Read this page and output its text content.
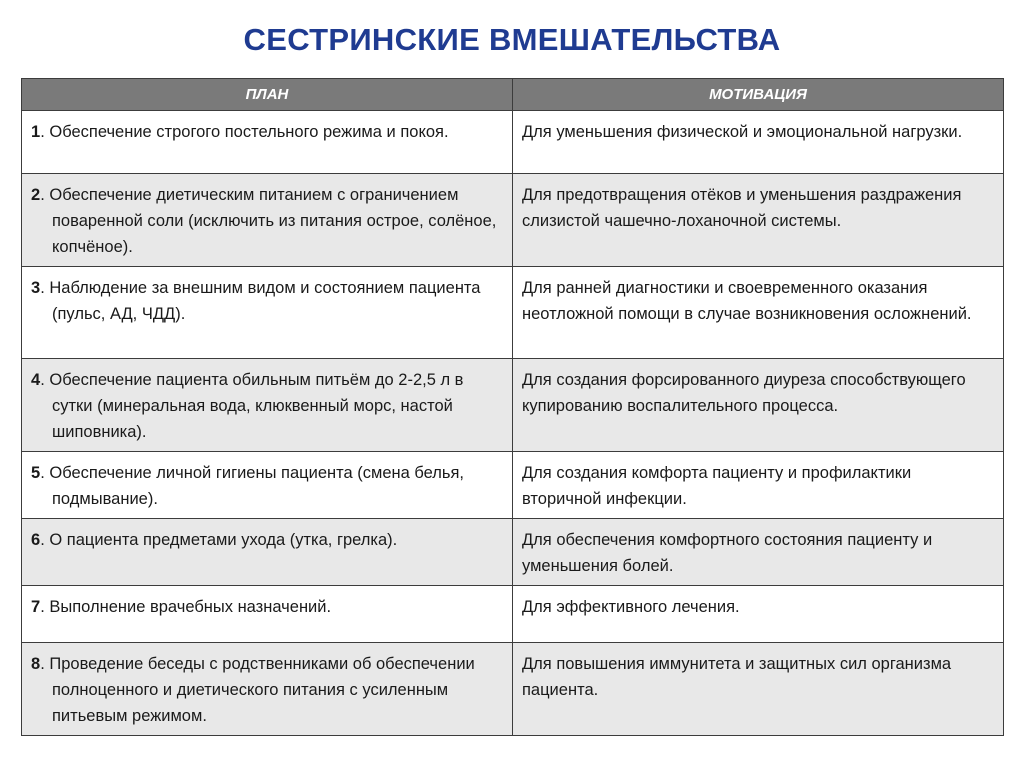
СЕСТРИНСКИЕ ВМЕШАТЕЛЬСТВА
ПЛАН	МОТИВАЦИЯ
1. Обеспечение строгого постельного режима и покоя.	Для уменьшения физической и эмоциональной нагрузки.
2. Обеспечение диетическим питанием с ограничением поваренной соли (исключить из питания острое, солёное, копчёное).	Для предотвращения отёков и уменьшения раздражения слизистой чашечно-лоханочной системы.
3. Наблюдение за внешним видом и состоянием пациента (пульс, АД, ЧДД).	Для ранней диагностики и своевременного оказания неотложной помощи в случае возникновения осложнений.
4. Обеспечение пациента обильным питьём до 2-2,5 л в сутки (минеральная вода, клюквенный морс, настой шиповника).	Для создания форсированного диуреза способствующего купированию воспалительного процесса.
5. Обеспечение личной гигиены пациента (смена белья, подмывание).	Для создания комфорта пациенту и профилактики вторичной инфекции.
6. О пациента предметами ухода (утка, грелка).	Для обеспечения комфортного состояния пациенту и уменьшения болей.
7. Выполнение врачебных назначений.	Для эффективного лечения.
8. Проведение беседы с родственниками об обеспечении полноценного и диетического питания с усиленным питьевым режимом.	Для повышения иммунитета и защитных сил организма пациента.
